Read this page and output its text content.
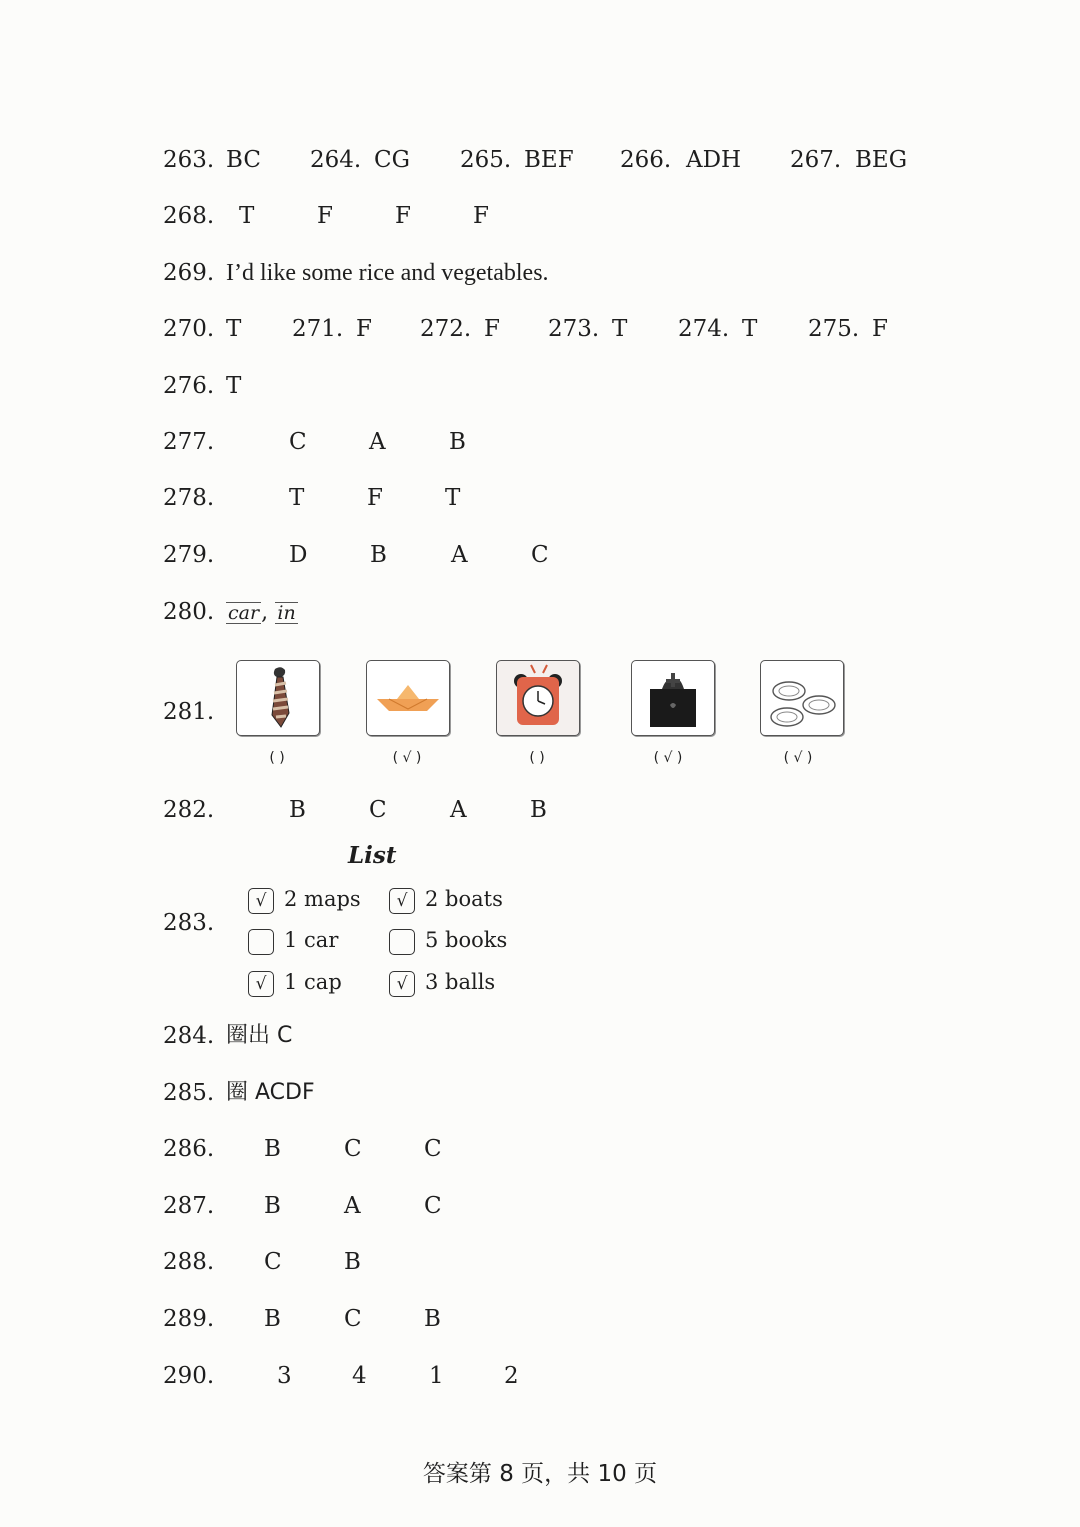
263. BC 264. CG 265. BEF 266. ADH 267. BEG
268. T	F	F	F
269. I’d like some rice and vegetables.
270. T 271. F 272. F 273. T 274. T 275. F
276. T
277.	C	A	B
278.	T	F	T
279.	D	B	A	C
280. car, in
281.
( )	( √ )	( )	( √ )	( √ )
282.	B	C	A	B
283.
List
√ 2 maps	√ 2 boats
1 car	5 books
√ 1 cap	√ 3 balls
284. 圈出 C
285. 圈 ACDF
286. B	C	C
287. B	A	C
288. C	B
289. B	C	B
290.	3	4	1	2
答案第 8 页，共 10 页
